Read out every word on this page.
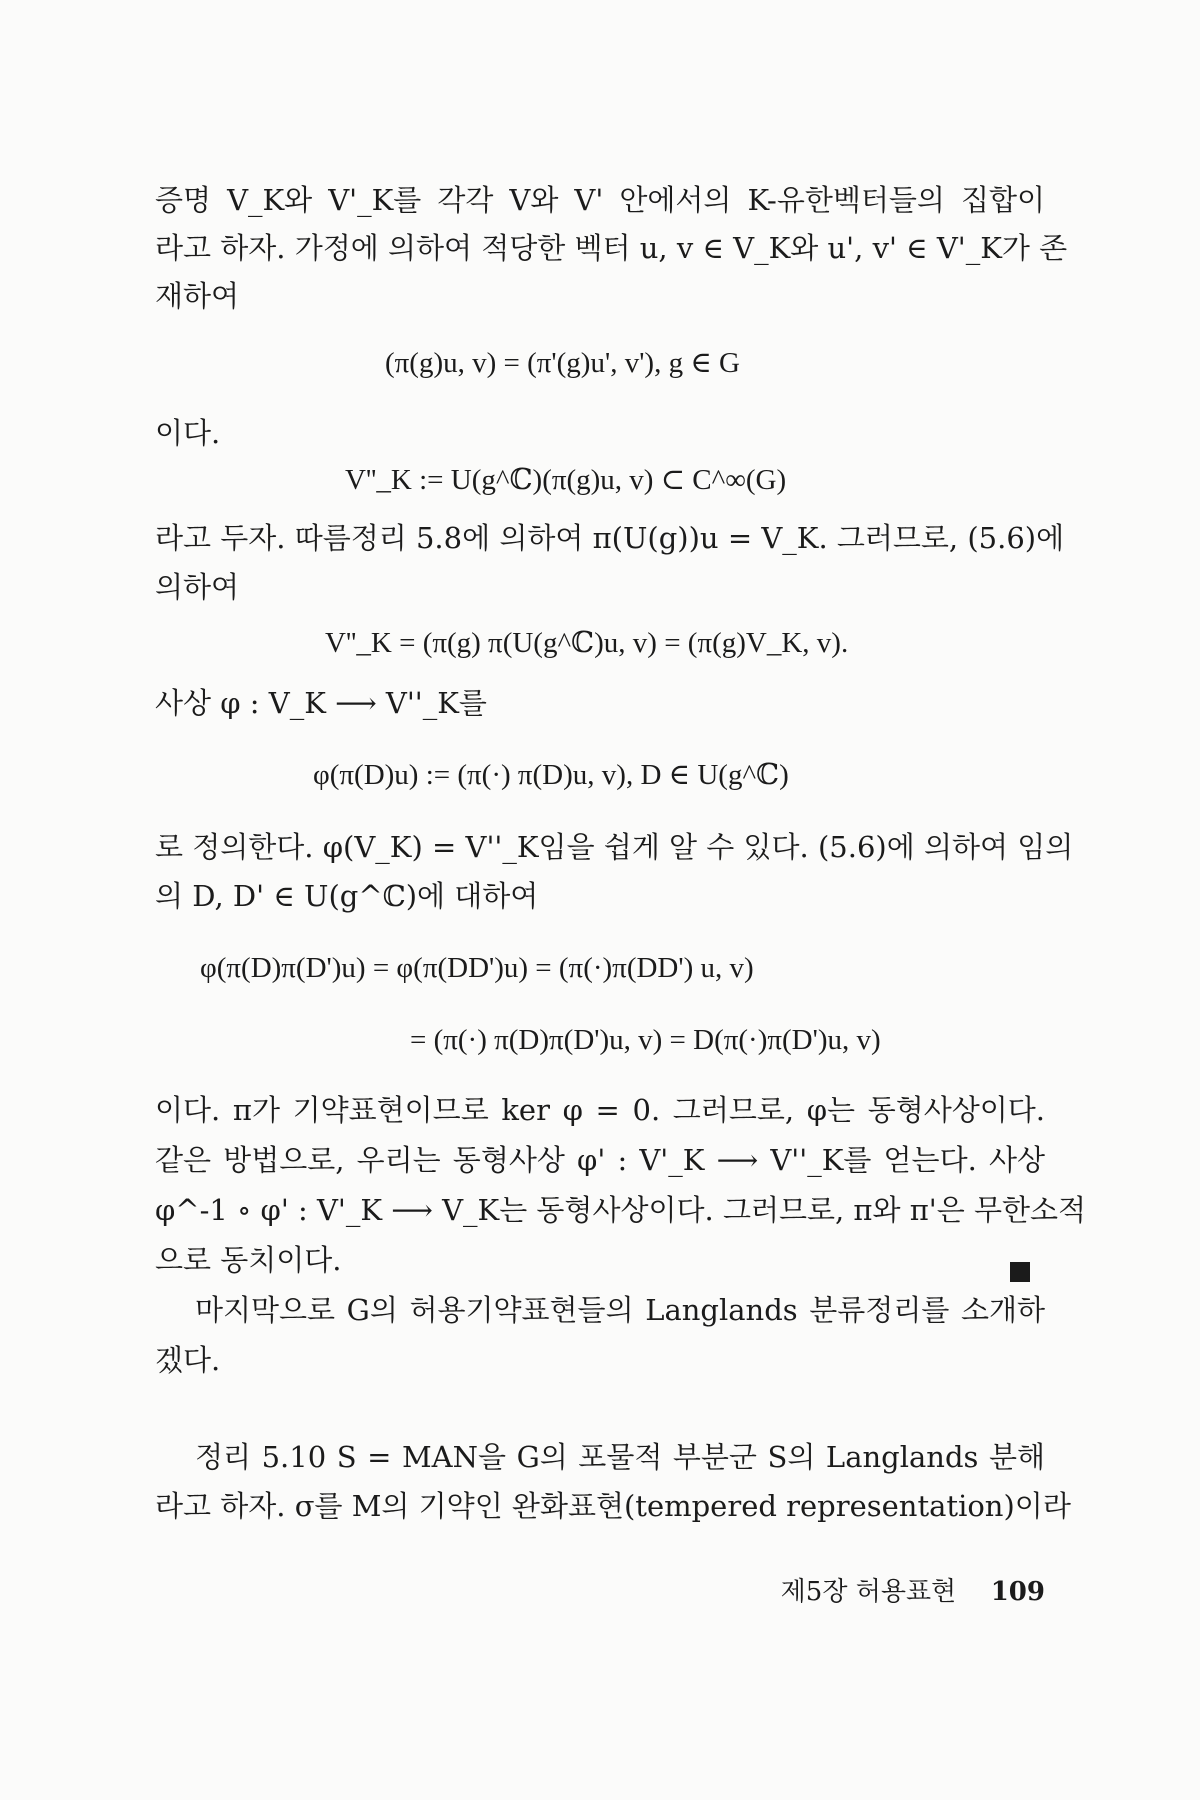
증명 V_K와 V'_K를 각각 V와 V' 안에서의 K-유한벡터들의 집합이
라고 하자. 가정에 의하여 적당한 벡터 u, v ∈ V_K와 u', v' ∈ V'_K가 존
재하여
(π(g)u, v) = (π'(g)u', v'), g ∈ G
이다.
V''_K := U(g^ℂ)(π(g)u, v) ⊂ C^∞(G)
라고 두자. 따름정리 5.8에 의하여 π(U(g))u = V_K. 그러므로, (5.6)에
의하여
V''_K = (π(g) π(U(g^ℂ)u, v) = (π(g)V_K, v).
사상 φ : V_K ⟶ V''_K를
φ(π(D)u) := (π(·) π(D)u, v), D ∈ U(g^ℂ)
로 정의한다. φ(V_K) = V''_K임을 쉽게 알 수 있다. (5.6)에 의하여 임의
의 D, D' ∈ U(g^ℂ)에 대하여
φ(π(D)π(D')u) = φ(π(DD')u) = (π(·)π(DD') u, v)
= (π(·) π(D)π(D')u, v) = D(π(·)π(D')u, v)
이다. π가 기약표현이므로 ker φ = 0. 그러므로, φ는 동형사상이다.
같은 방법으로, 우리는 동형사상 φ' : V'_K ⟶ V''_K를 얻는다. 사상
φ^-1 ∘ φ' : V'_K ⟶ V_K는 동형사상이다. 그러므로, π와 π'은 무한소적
으로 동치이다.
마지막으로 G의 허용기약표현들의 Langlands 분류정리를 소개하
겠다.
정리 5.10 S = MAN을 G의 포물적 부분군 S의 Langlands 분해
라고 하자. σ를 M의 기약인 완화표현(tempered representation)이라
제5장 허용표현 109
